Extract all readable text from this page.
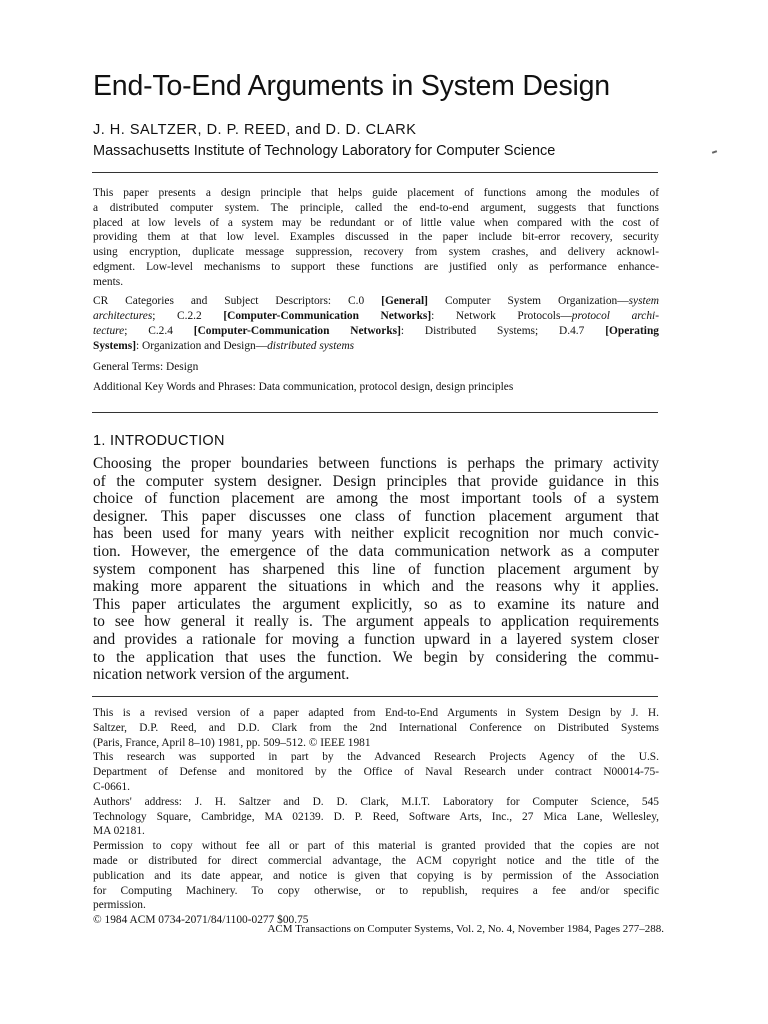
End-To-End Arguments in System Design
J. H. SALTZER, D. P. REED, and D. D. CLARK
Massachusetts Institute of Technology Laboratory for Computer Science
This paper presents a design principle that helps guide placement of functions among the modules of
a distributed computer system. The principle, called the end-to-end argument, suggests that functions
placed at low levels of a system may be redundant or of little value when compared with the cost of
providing them at that low level. Examples discussed in the paper include bit-error recovery, security
using encryption, duplicate message suppression, recovery from system crashes, and delivery acknowl-
edgment. Low-level mechanisms to support these functions are justified only as performance enhance-
ments.
CR Categories and Subject Descriptors: C.0 [General] Computer System Organization—system
architectures; C.2.2 [Computer-Communication Networks]: Network Protocols—protocol archi-
tecture; C.2.4 [Computer-Communication Networks]: Distributed Systems; D.4.7 [Operating
Systems]: Organization and Design—distributed systems
General Terms: Design
Additional Key Words and Phrases: Data communication, protocol design, design principles
1. INTRODUCTION
Choosing the proper boundaries between functions is perhaps the primary activity
of the computer system designer. Design principles that provide guidance in this
choice of function placement are among the most important tools of a system
designer. This paper discusses one class of function placement argument that
has been used for many years with neither explicit recognition nor much convic-
tion. However, the emergence of the data communication network as a computer
system component has sharpened this line of function placement argument by
making more apparent the situations in which and the reasons why it applies.
This paper articulates the argument explicitly, so as to examine its nature and
to see how general it really is. The argument appeals to application requirements
and provides a rationale for moving a function upward in a layered system closer
to the application that uses the function. We begin by considering the commu-
nication network version of the argument.
This is a revised version of a paper adapted from End-to-End Arguments in System Design by J. H.
Saltzer, D.P. Reed, and D.D. Clark from the 2nd International Conference on Distributed Systems
(Paris, France, April 8–10) 1981, pp. 509–512. © IEEE 1981
This research was supported in part by the Advanced Research Projects Agency of the U.S.
Department of Defense and monitored by the Office of Naval Research under contract N00014-75-
C-0661.
Authors' address: J. H. Saltzer and D. D. Clark, M.I.T. Laboratory for Computer Science, 545
Technology Square, Cambridge, MA 02139. D. P. Reed, Software Arts, Inc., 27 Mica Lane, Wellesley,
MA 02181.
Permission to copy without fee all or part of this material is granted provided that the copies are not
made or distributed for direct commercial advantage, the ACM copyright notice and the title of the
publication and its date appear, and notice is given that copying is by permission of the Association
for Computing Machinery. To copy otherwise, or to republish, requires a fee and/or specific
permission.
© 1984 ACM 0734-2071/84/1100-0277 $00.75
ACM Transactions on Computer Systems, Vol. 2, No. 4, November 1984, Pages 277–288.
